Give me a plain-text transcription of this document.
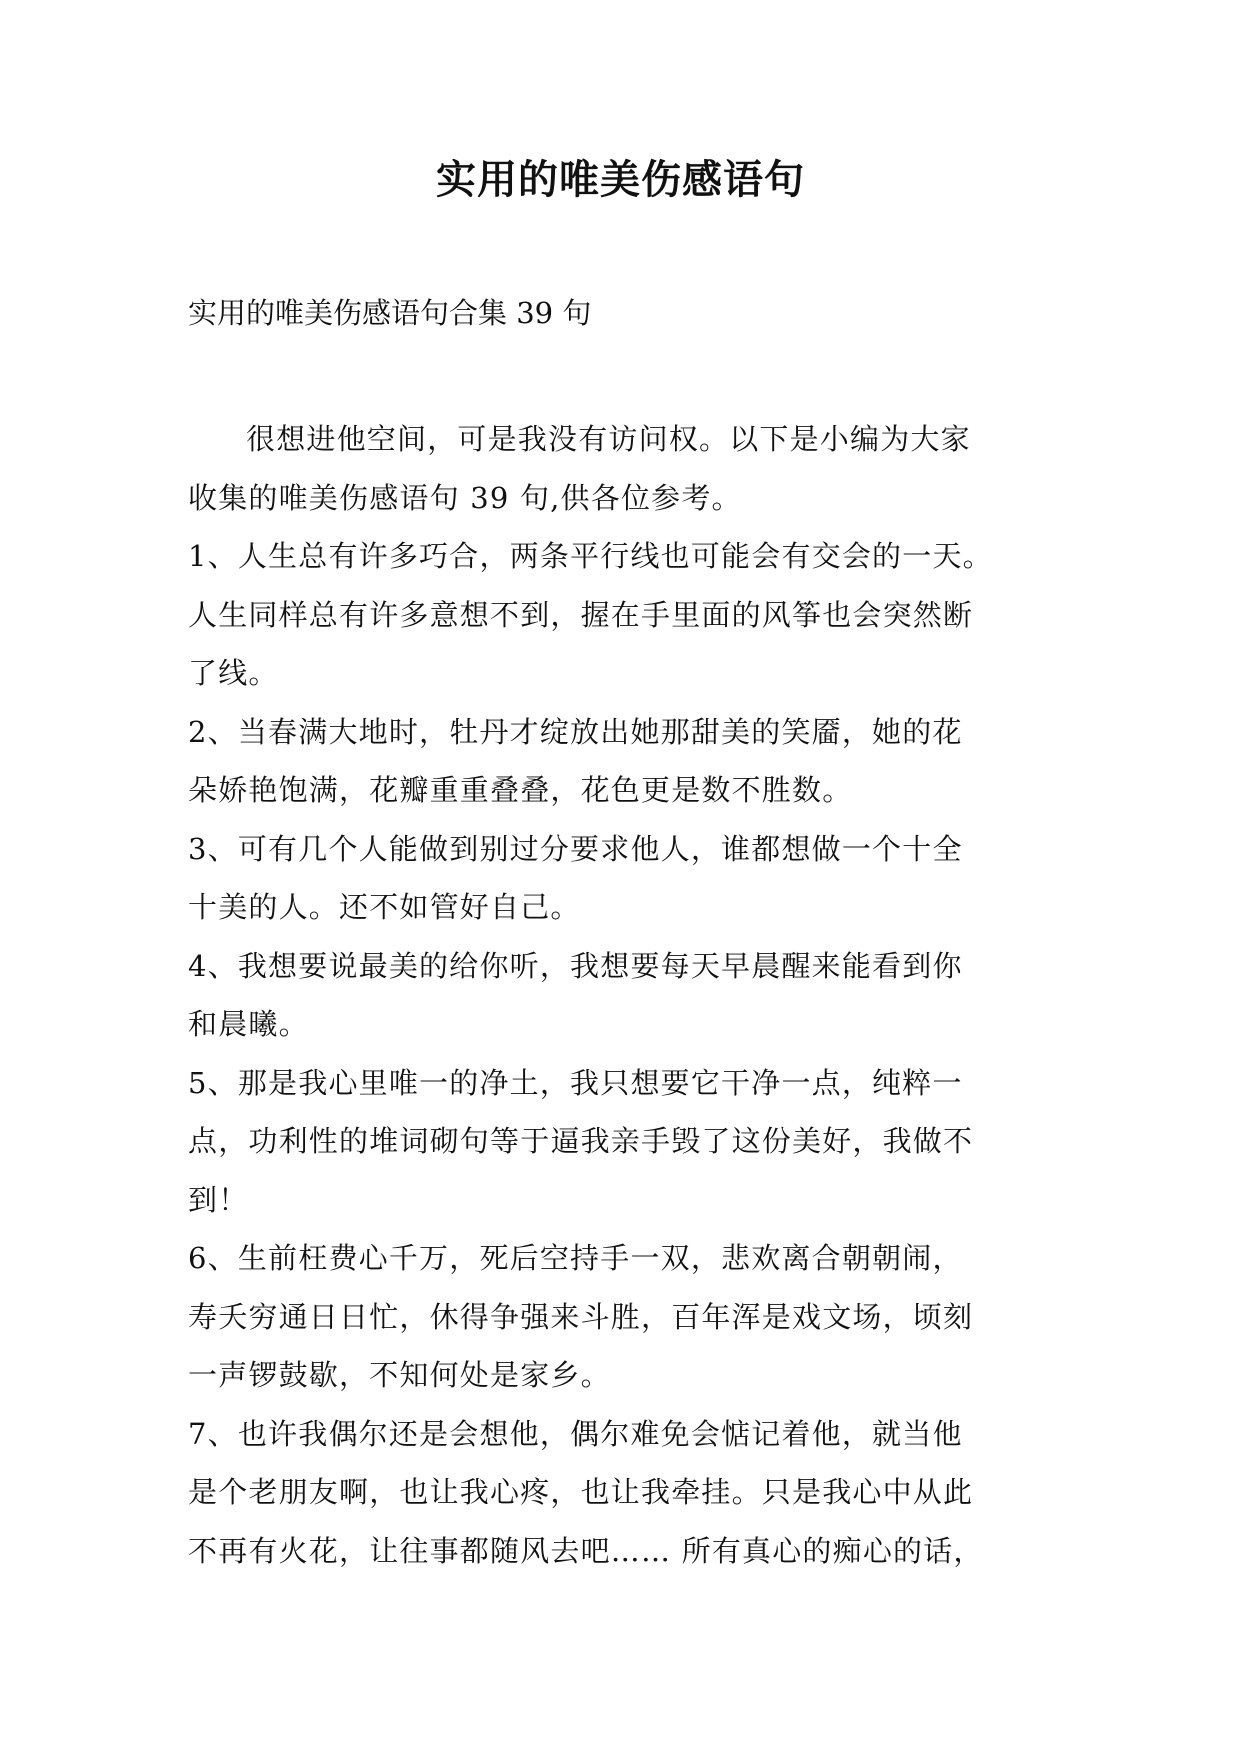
实用的唯美伤感语句
实用的唯美伤感语句合集 39 句
很想进他空间，可是我没有访问权。以下是小编为大家
收集的唯美伤感语句 39 句,供各位参考。
1、人生总有许多巧合，两条平行线也可能会有交会的一天。
人生同样总有许多意想不到，握在手里面的风筝也会突然断
了线。
2、当春满大地时，牡丹才绽放出她那甜美的笑靥，她的花
朵娇艳饱满，花瓣重重叠叠，花色更是数不胜数。
3、可有几个人能做到别过分要求他人，谁都想做一个十全
十美的人。还不如管好自己。
4、我想要说最美的给你听，我想要每天早晨醒来能看到你
和晨曦。
5、那是我心里唯一的净土，我只想要它干净一点，纯粹一
点，功利性的堆词砌句等于逼我亲手毁了这份美好，我做不
到！
6、生前枉费心千万，死后空持手一双，悲欢离合朝朝闹，
寿夭穷通日日忙，休得争强来斗胜，百年浑是戏文场，顷刻
一声锣鼓歇，不知何处是家乡。
7、也许我偶尔还是会想他，偶尔难免会惦记着他，就当他
是个老朋友啊，也让我心疼，也让我牵挂。只是我心中从此
不再有火花，让往事都随风去吧…… 所有真心的痴心的话，
